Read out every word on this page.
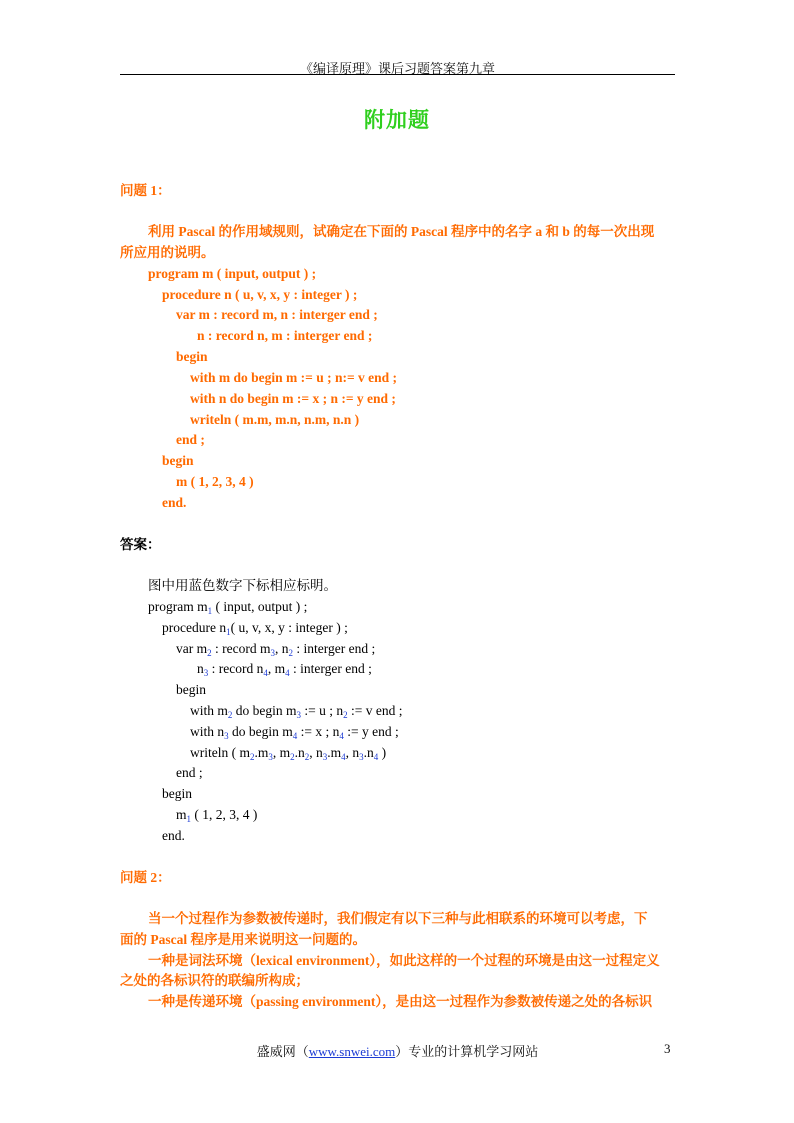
《编译原理》课后习题答案第九章
附加题
问题 1：
利用 Pascal 的作用域规则，试确定在下面的 Pascal 程序中的名字 a 和 b 的每一次出现
所应用的说明。
program m ( input, output ) ;
procedure n ( u, v, x, y : integer ) ;
var m : record m, n : interger end ;
n : record n, m : interger end ;
begin
with m do begin m := u ; n:= v end ;
with n do begin m := x ; n := y end ;
writeln ( m.m, m.n, n.m, n.n )
end ;
begin
m ( 1, 2, 3, 4 )
end.
答案：
图中用蓝色数字下标相应标明。
program $m_1$ ( input, output ) ;
procedure $n_1$( u, v, x, y : integer ) ;
var $m_2$ : record $m_3$, $n_2$ : interger end ;
$n_3$ : record $n_4$, $m_4$ : interger end ;
begin
with $m_2$ do begin $m_3$ := u ; $n_2$ := v end ;
with $n_3$ do begin $m_4$ := x ; $n_4$ := y end ;
writeln ( $m_2.m_3$, $m_2.n_2$, $n_3.m_4$, $n_3.n_4$ )
end ;
begin
$m_1$ ( 1, 2, 3, 4 )
end.
问题 2：
当一个过程作为参数被传递时，我们假定有以下三种与此相联系的环境可以考虑，下
面的 Pascal 程序是用来说明这一问题的。
一种是词法环境（lexical environment），如此这样的一个过程的环境是由这一过程定义
之处的各标识符的联编所构成；
一种是传递环境（passing environment），是由这一过程作为参数被传递之处的各标识
盛威网（www.snwei.com）专业的计算机学习网站	3
